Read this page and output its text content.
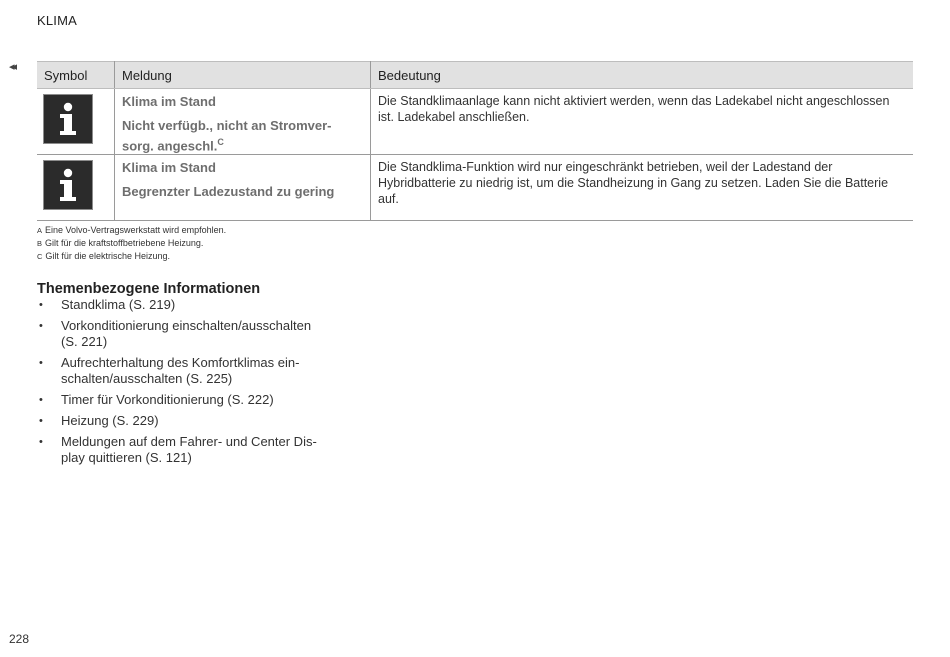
KLIMA
◂◂
Symbol	Meldung	Bedeutung

Klima im Stand
Nicht verfügb., nicht an Stromver-sorg. angeschl.$^C$	Die Standklimaanlage kann nicht aktiviert werden, wenn das Ladekabel nicht angeschlossen ist. Ladekabel anschließen.

Klima im Stand
Begrenzter Ladezustand zu gering	Die Standklima-Funktion wird nur eingeschränkt betrieben, weil der Ladestand der Hybridbatterie zu niedrig ist, um die Standheizung in Gang zu setzen. Laden Sie die Batterie auf.
A Eine Volvo-Vertragswerkstatt wird empfohlen.
B Gilt für die kraftstoffbetriebene Heizung.
C Gilt für die elektrische Heizung.
Themenbezogene Informationen
• Standklima (S. 219)
• Vorkonditionierung einschalten/ausschalten (S. 221)
• Aufrechterhaltung des Komfortklimas ein-schalten/ausschalten (S. 225)
• Timer für Vorkonditionierung (S. 222)
• Heizung (S. 229)
• Meldungen auf dem Fahrer- und Center Dis-play quittieren (S. 121)
228
